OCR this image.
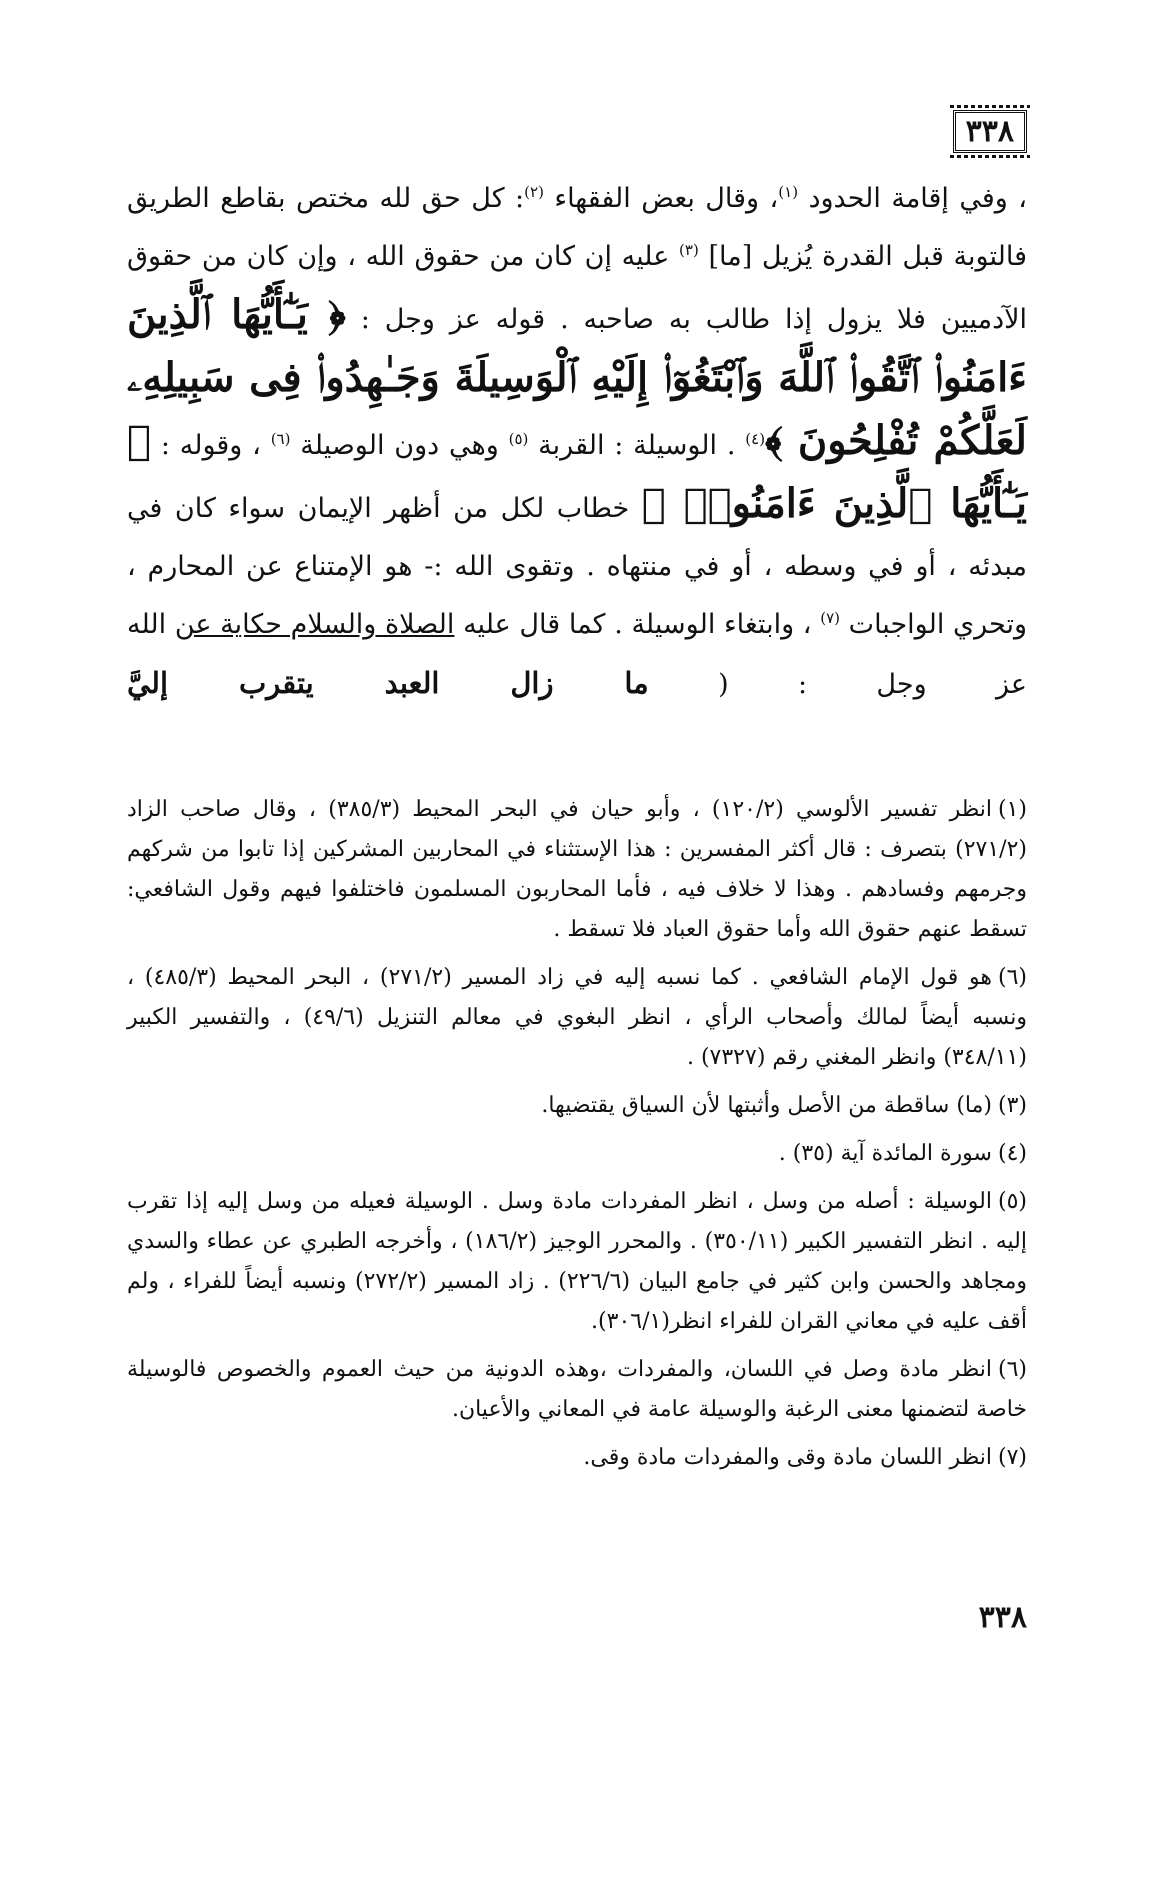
٣٣٨

، وفي إقامة الحدود $^{(١)}$، وقال بعض الفقهاء $^{(٢)}$: كل حق لله مختص بقاطع الطريق فالتوبة قبل القدرة يُزيل [ما] $^{(٣)}$ عليه إن كان من حقوق الله ، وإن كان من حقوق الآدميين فلا يزول إذا طالب به صاحبه . قوله عز وجل : ﴿ يَـٰٓأَيُّهَا ٱلَّذِينَ ءَامَنُوا۟ ٱتَّقُوا۟ ٱللَّهَ وَٱبْتَغُوٓا۟ إِلَيْهِ ٱلْوَسِيلَةَ وَجَـٰهِدُوا۟ فِى سَبِيلِهِۦ لَعَلَّكُمْ تُفْلِحُونَ ﴾$^{(٤)}$ . الوسيلة : القربة $^{(٥)}$ وهي دون الوصيلة $^{(٦)}$ ، وقوله : ﴿ يَـٰٓأَيُّهَا ٱلَّذِينَ ءَامَنُوا۟ ﴾ خطاب لكل من أظهر الإيمان سواء كان في مبدئه ، أو في وسطه ، أو في منتهاه . وتقوى الله :- هو الإمتناع عن المحارم ، وتحري الواجبات $^{(٧)}$ ، وابتغاء الوسيلة . كما قال عليه الصلاة والسلام حكاية عن الله عز وجل : ( ما زال العبد يتقرب إليَّ

(١)انظر تفسير الألوسي (١٢٠/٢) ، وأبو حيان في البحر المحيط (٣٨٥/٣) ، وقال صاحب الزاد (٢٧١/٢) بتصرف : قال أكثر المفسرين : هذا الإستثناء في المحاربين المشركين إذا تابوا من شركهم وجرمهم وفسادهم . وهذا لا خلاف فيه ، فأما المحاربون المسلمون فاختلفوا فيهم وقول الشافعي: تسقط عنهم حقوق الله وأما حقوق العباد فلا تسقط .

(٦)هو قول الإمام الشافعي . كما نسبه إليه في زاد المسير (٢٧١/٢) ، البحر المحيط (٤٨٥/٣) ، ونسبه أيضاً لمالك وأصحاب الرأي ، انظر البغوي في معالم التنزيل (٤٩/٦) ، والتفسير الكبير (٣٤٨/١١) وانظر المغني رقم (٧٣٢٧) .

(٣)(ما) ساقطة من الأصل وأثبتها لأن السياق يقتضيها.

(٤)سورة المائدة آية (٣٥) .

(٥)الوسيلة : أصله من وسل ، انظر المفردات مادة وسل . الوسيلة فعيله من وسل إليه إذا تقرب إليه . انظر التفسير الكبير (٣٥٠/١١) . والمحرر الوجيز (١٨٦/٢) ، وأخرجه الطبري عن عطاء والسدي ومجاهد والحسن وابن كثير في جامع البيان (٢٢٦/٦) . زاد المسير (٢٧٢/٢) ونسبه أيضاً للفراء ، ولم أقف عليه في معاني القران للفراء انظر(٣٠٦/١).

(٦)انظر مادة وصل في اللسان، والمفردات ،وهذه الدونية من حيث العموم والخصوص فالوسيلة خاصة لتضمنها معنى الرغبة والوسيلة عامة في المعاني والأعيان.

(٧)انظر اللسان مادة وقى والمفردات مادة وقى.

٣٣٨
